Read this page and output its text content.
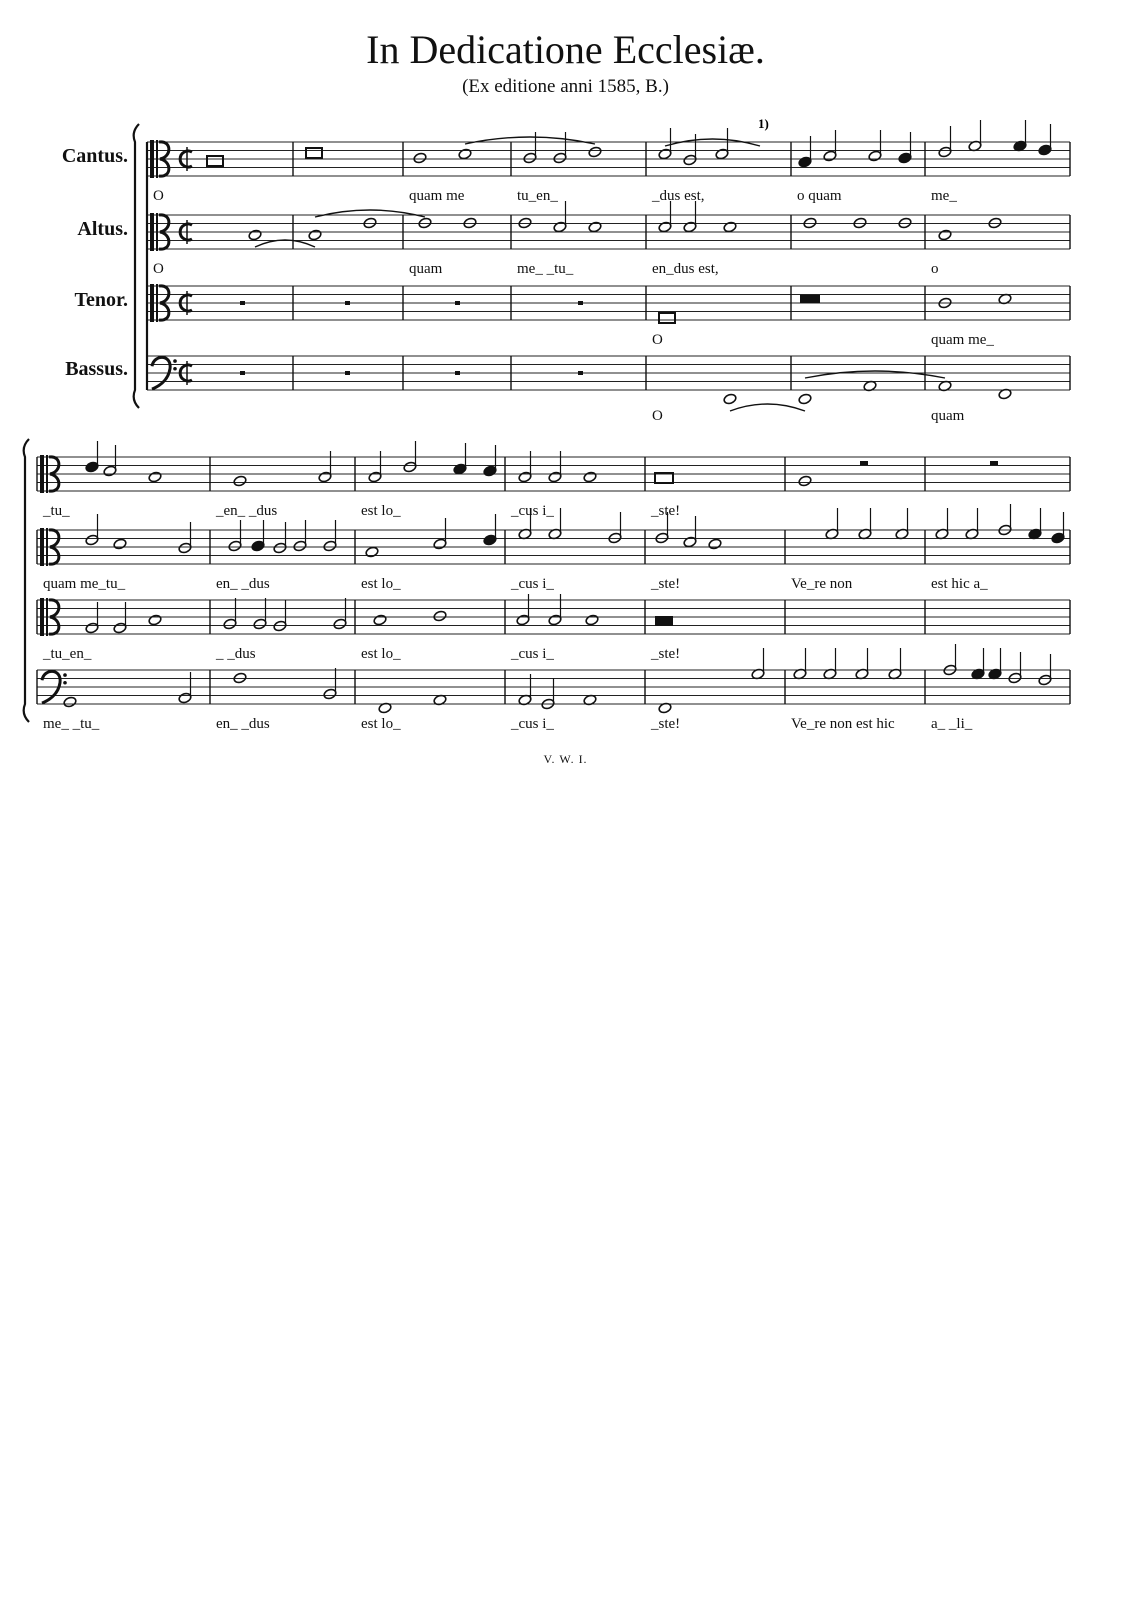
In Dedicatione Ecclesiæ.
(Ex editione anni 1585, B.)
Cantus.
Altus.
Tenor.
Bassus.
1)
V. W. I.
O	quam me	tu_en_	_dus est,	o quam	me_
O	quam	me_ _tu_	en_dus est,	o
O	quam me_
O	quam
_tu_	_en_ _dus	est lo_	_cus i_	_ste!
quam me_tu_	en_ _dus	est lo_	_cus i_	_ste!	Ve_re non	est hic a_
_tu_en_	_ _dus	est lo_	_cus i_	_ste!
me_ _tu_	en_ _dus	est lo_	_cus i_	_ste!	Ve_re non est hic a_ _li_
